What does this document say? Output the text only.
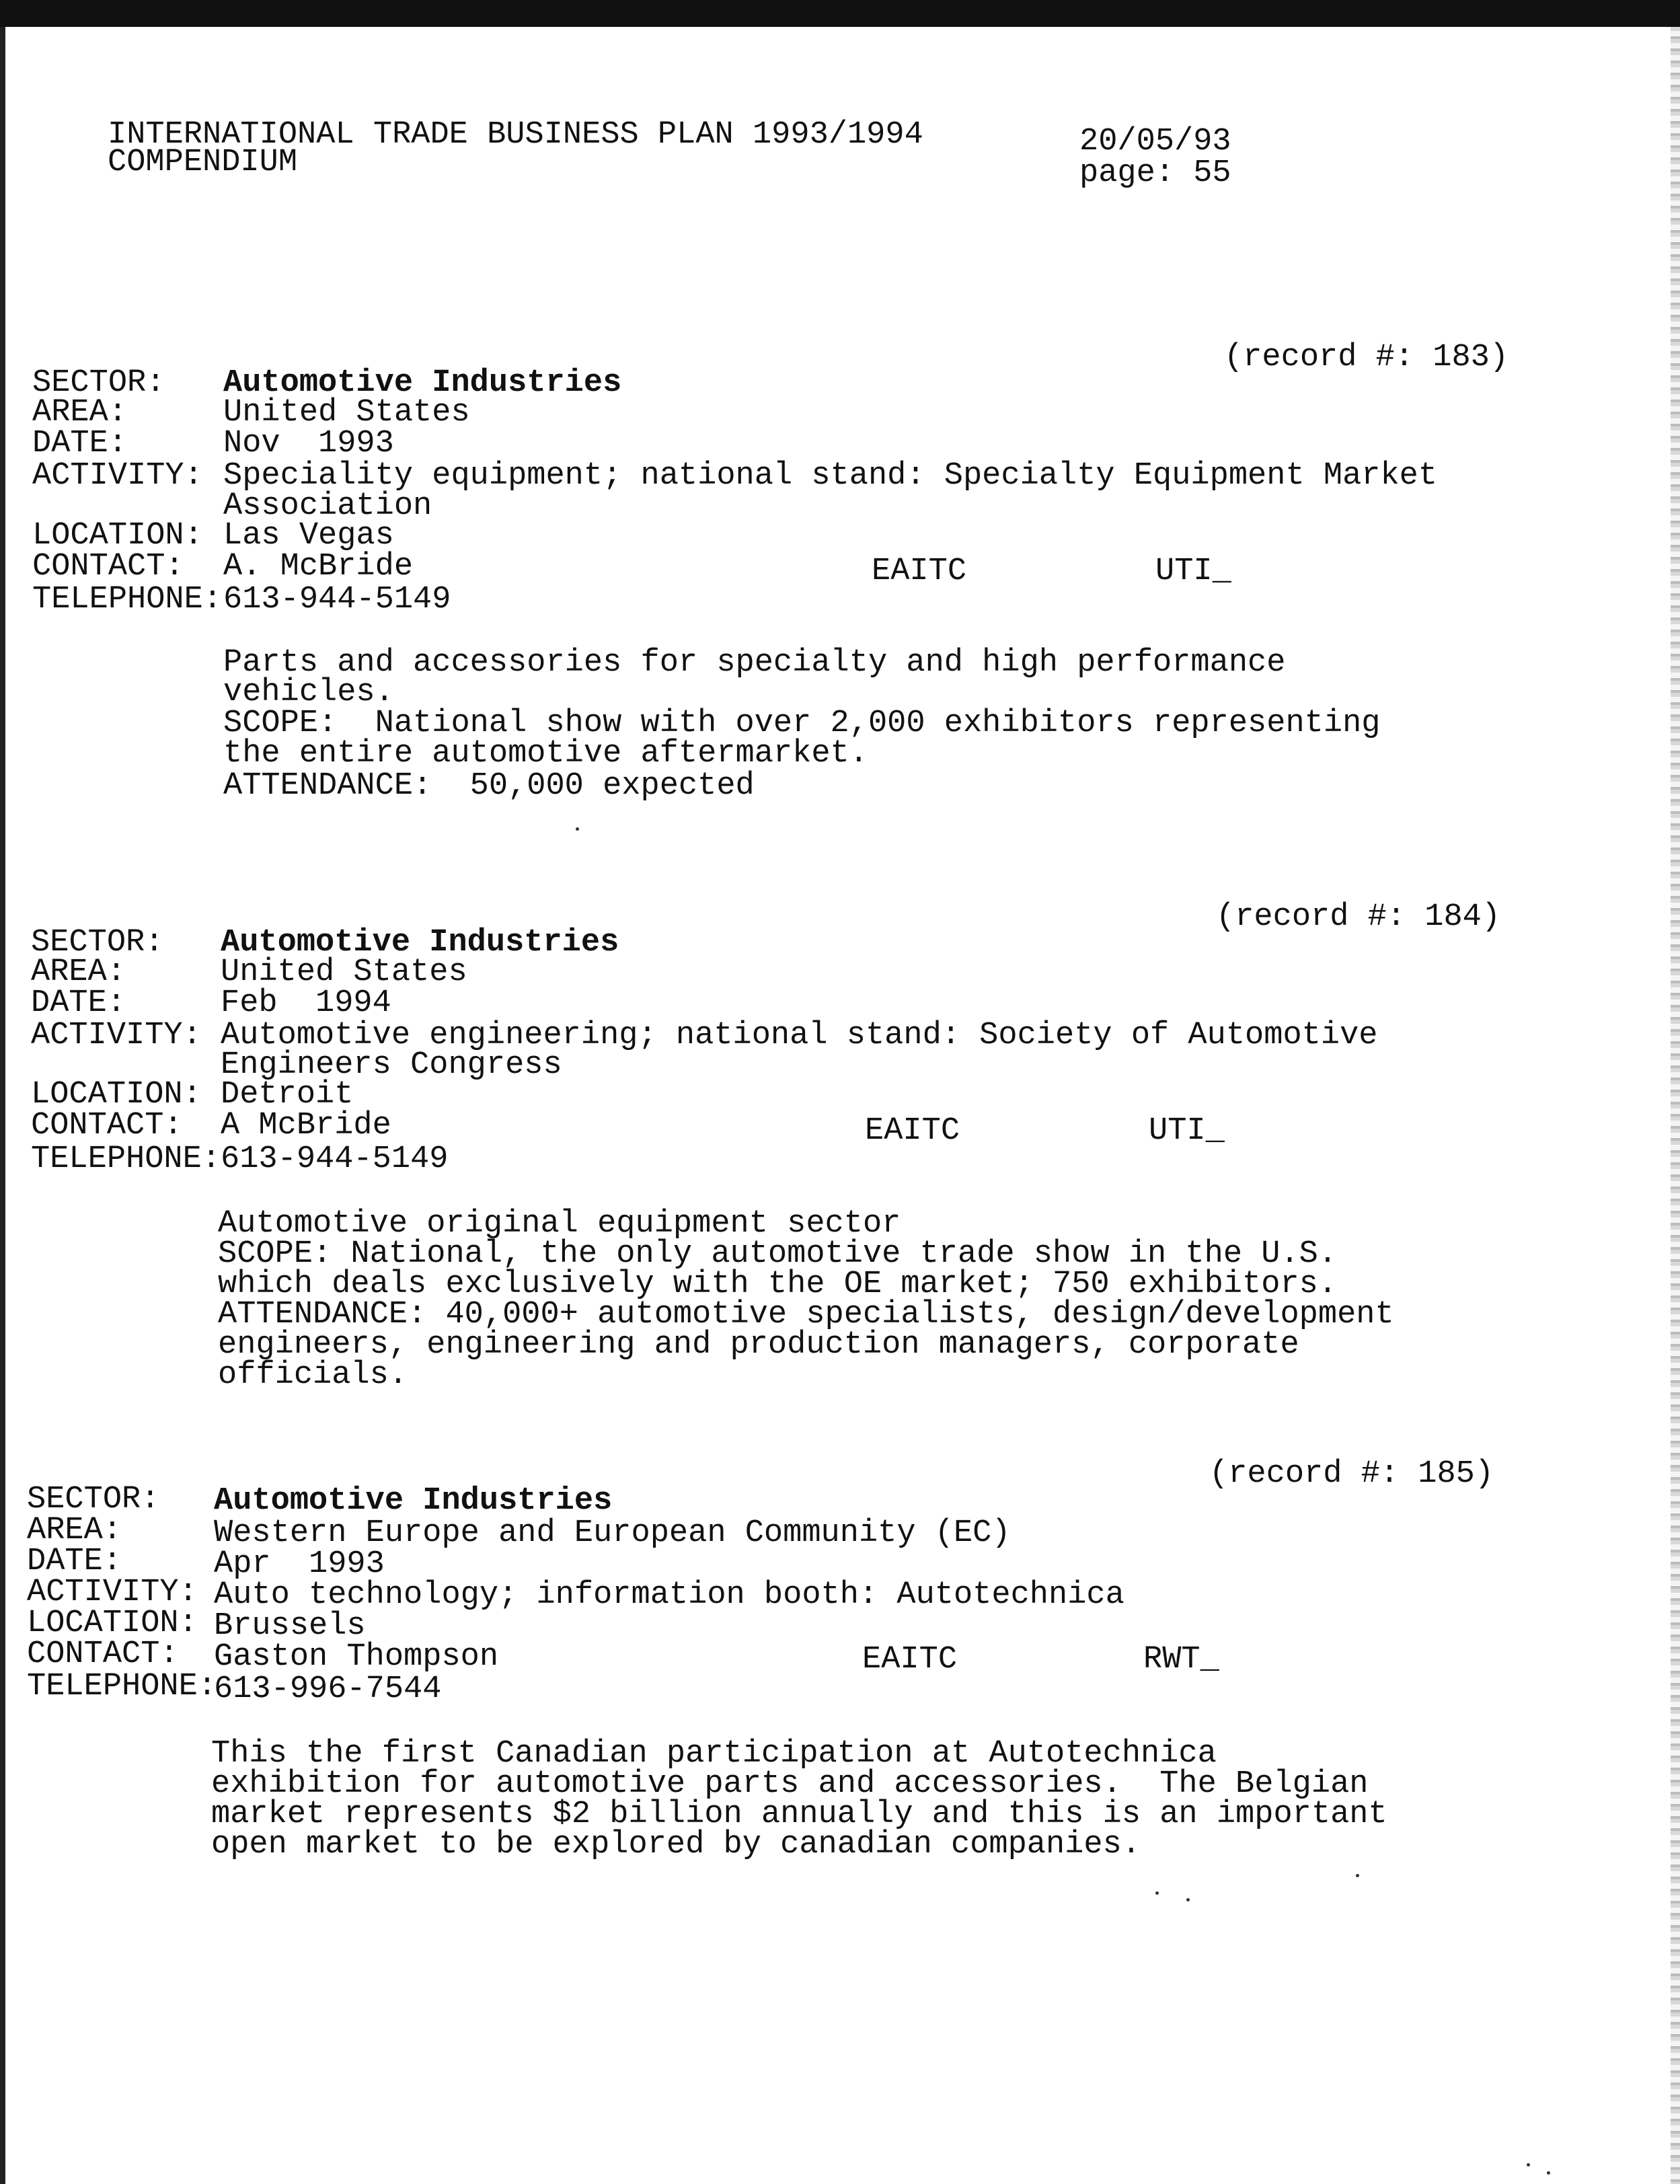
INTERNATIONAL TRADE BUSINESS PLAN 1993/1994
COMPENDIUM
20/05/93
page: 55
(record #: 183)
SECTOR: Automotive Industries
AREA:	United States
DATE:	Nov  1993
ACTIVITY: Speciality equipment; national stand: Specialty Equipment Market
Association
LOCATION: Las Vegas
CONTACT: A. McBride	EAITC	UTI_
TELEPHONE: 613-944-5149
Parts and accessories for specialty and high performance
vehicles.
SCOPE:  National show with over 2,000 exhibitors representing
the entire automotive aftermarket.
ATTENDANCE:  50,000 expected
(record #: 184)
SECTOR: Automotive Industries
AREA:	United States
DATE:	Feb  1994
ACTIVITY: Automotive engineering; national stand: Society of Automotive
Engineers Congress
LOCATION: Detroit
CONTACT: A McBride	EAITC	UTI_
TELEPHONE: 613-944-5149
Automotive original equipment sector
SCOPE: National, the only automotive trade show in the U.S.
which deals exclusively with the OE market; 750 exhibitors.
ATTENDANCE: 40,000+ automotive specialists, design/development
engineers, engineering and production managers, corporate
officials.
(record #: 185)
SECTOR: Automotive Industries
AREA:	Western Europe and European Community (EC)
DATE:	Apr  1993
ACTIVITY: Auto technology; information booth: Autotechnica
LOCATION: Brussels
CONTACT: Gaston Thompson	EAITC	RWT_
TELEPHONE:
613-996-7544
This the first Canadian participation at Autotechnica
exhibition for automotive parts and accessories.  The Belgian
market represents $2 billion annually and this is an important
open market to be explored by canadian companies.
